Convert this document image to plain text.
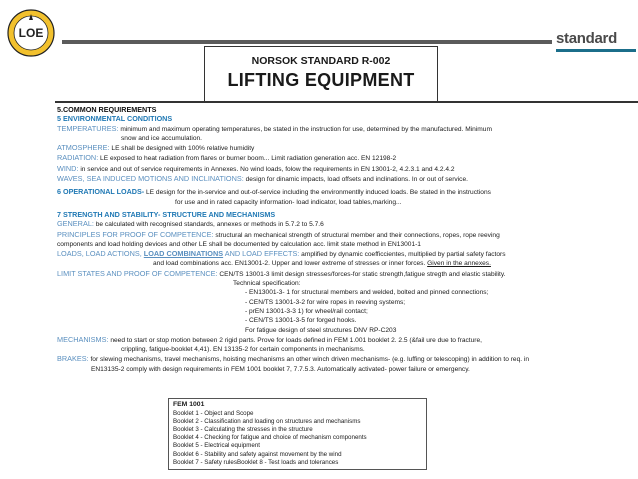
LOE	standard
NORSOK STANDARD R-002
LIFTING EQUIPMENT
5.COMMON REQUIREMENTS
5 ENVIRONMENTAL CONDITIONS
TEMPERATURES: minimum and maximum operating temperatures, be stated in the instruction for use, determined by the manufactured. Minimum
snow and ice accumulation.
ATMOSPHERE: LE shall be designed with 100% relative humidity
RADIATION: LE exposed to heat radiation from flares or burner boom... Limit radiation generation acc. EN 12198-2
WIND: in service and out of service requirements in Annexes. No wind loads, folow the requirements in EN 13001-2, 4.2.3.1 and 4.2.4.2
WAVES, SEA INDUCED MOTIONS AND INCLINATIONS: design for dinamic impacts, load offsets and inclinations. In or out of service.
6 OPERATIONAL LOADS- LE design for the in-service and out-of-service including the environmentlly induced loads. Be stated in the instructions
for use and in rated capacity information- load indicator, load tables,marking...
7 STRENGTH AND STABILITY- STRUCTURE AND MECHANISMS
GENERAL: be calculated with recognised standards, annexes or methods in 5.7.2 to 5.7.6
PRINCIPLES FOR PROOF OF COMPETENCE: structural an mechanical strength of structural member and their connections, ropes, rope reeving
components and load holding devices and other LE shall be documented by calculation acc. limit state method in EN13001-1
LOADS, LOAD ACTIONS, LOAD COMBINATIONS AND LOAD EFFECTS: amplified by dynamic coefficcientes, multiplied by partial safety factors
and load combinations acc. EN13001-2. Upper and lower extreme of stresses or inner forces. Given in the annexes.
LIMIT STATES AND PROOF OF COMPETENCE: CEN/TS 13001-3 limit design stresses/forces-for static strength,fatigue stregth and elastic stability.
Technical specification:
- EN13001-3- 1 for structural members and welded, bolted and pinned connections;
- CEN/TS 13001-3-2 for wire ropes in reeving systems;
- prEN 13001-3-3 1) for wheel/rail contact;
- CEN/TS 13001-3-5 for forged hooks.
For fatigue design of steel structures DNV RP-C203
MECHANISMS: need to start or stop motion between 2 rigid parts. Prove for loads defined in FEM 1.001 booklet 2. 2.5 (&fail ure due to fracture,
crippling, fatigue-booklet 4,41). EN 13135-2 for certain components in mechanisms.
BRAKES: for slewing mechanisms, travel mechanisms, hoisting mechanisms an other winch driven mechanisms- (e.g. luffing or telescoping) in addition to req. in
EN13135-2 comply with design requirements in FEM 1001 booklet 7, 7.7.5.3. Automatically activated- power failure or emergency.
FEM 1001
Booklet 1 - Object and Scope
Booklet 2 - Classification and loading on structures and mechanisms
Booklet 3 - Calculating the stresses in the structure
Booklet 4 - Checking for fatigue and choice of mechanism components
Booklet 5 - Electrical equipment
Booklet 6 - Stability and safety against movement by the wind
Booklet 7 - Safety rulesBooklet 8 - Test loads and tolerances
